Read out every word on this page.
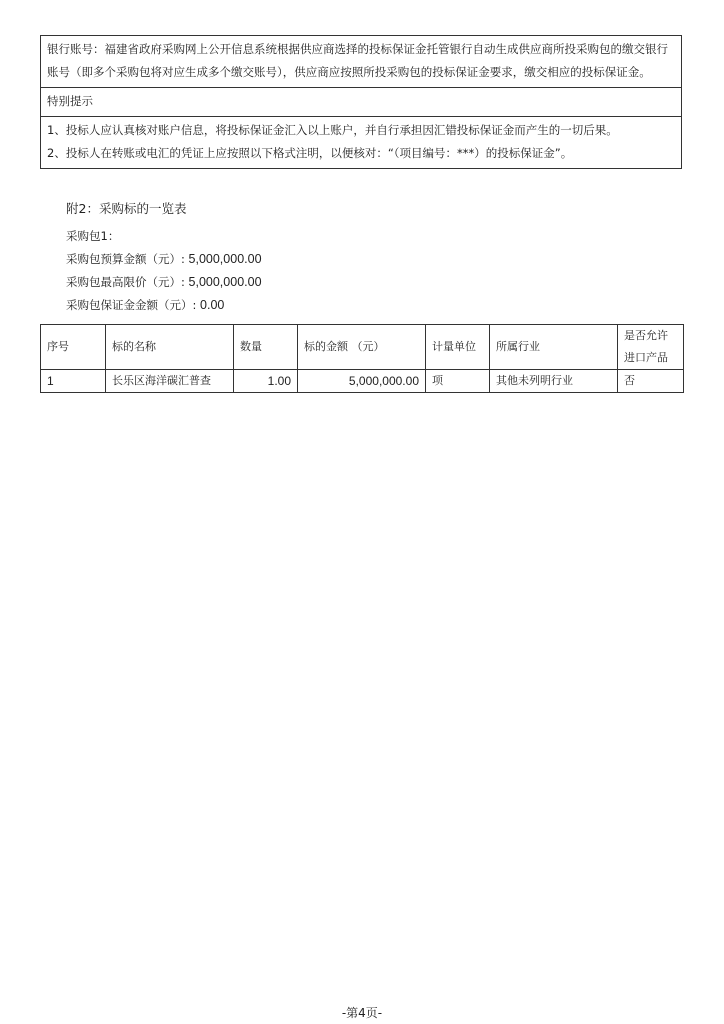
银行账号：福建省政府采购网上公开信息系统根据供应商选择的投标保证金托管银行自动生成供应商所投采购包的缴交银行账号（即多个采购包将对应生成多个缴交账号），供应商应按照所投采购包的投标保证金要求，缴交相应的投标保证金。
特别提示
1、投标人应认真核对账户信息，将投标保证金汇入以上账户，并自行承担因汇错投标保证金而产生的一切后果。
2、投标人在转账或电汇的凭证上应按照以下格式注明，以便核对：“（项目编号：***）的投标保证金”。
附2：采购标的一览表
采购包1：
采购包预算金额（元）: 5,000,000.00
采购包最高限价（元）: 5,000,000.00
采购包保证金金额（元）: 0.00
序号	标的名称	数量	标的金额 （元）	计量单位	所属行业	是否允许
进口产品

1	长乐区海洋碳汇普查	1.00	5,000,000.00	项	其他未列明行业	否
-第4页-
